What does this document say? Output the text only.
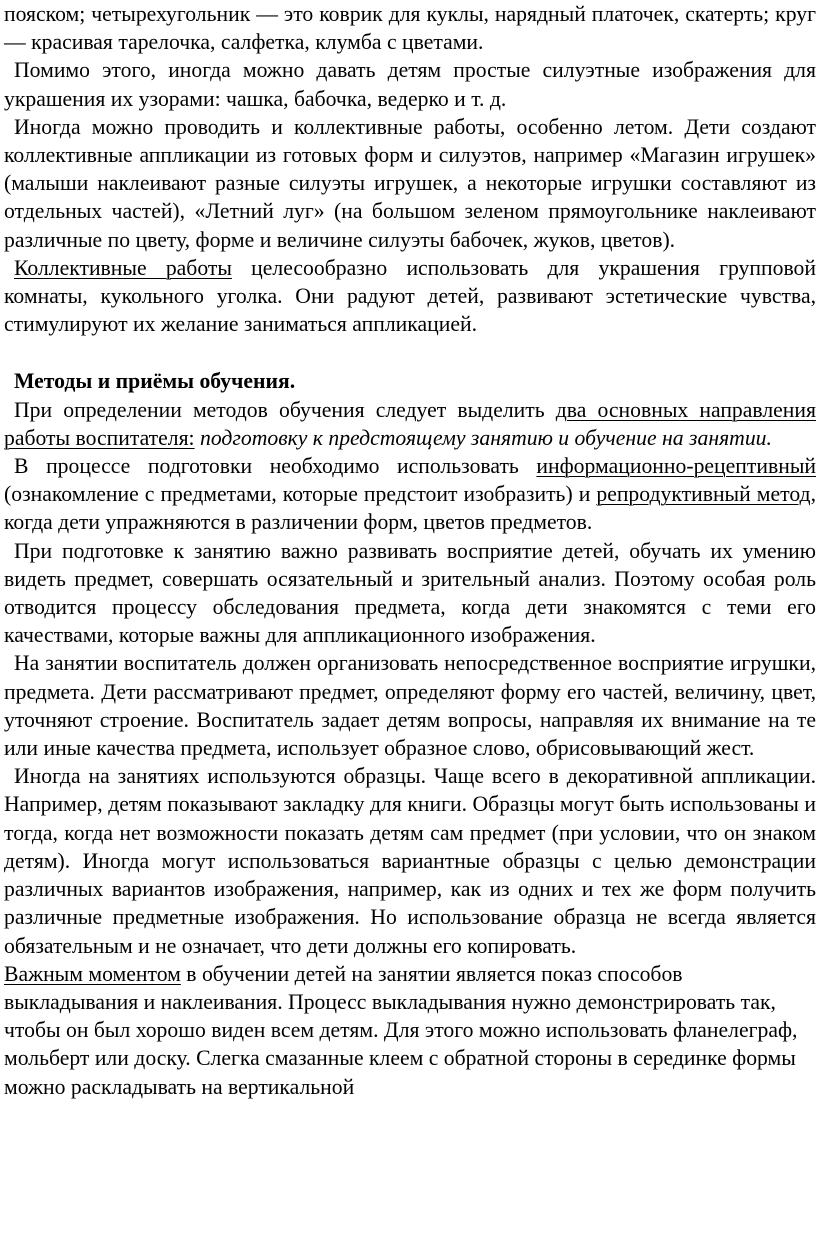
пояском; четырехугольник — это коврик для куклы, нарядный платочек, скатерть; круг — красивая тарелочка, салфетка, клумба с цветами.

Помимо этого, иногда можно давать детям простые силуэтные изображения для украшения их узорами: чашка, бабочка, ведерко и т. д.

Иногда можно проводить и коллективные работы, особенно летом. Дети создают коллективные аппликации из готовых форм и силуэтов, например «Магазин игрушек» (малыши наклеивают разные силуэты игрушек, а некоторые игрушки составляют из отдельных частей), «Летний луг» (на большом зеленом прямоугольнике наклеивают различные по цвету, форме и величине силуэты бабочек, жуков, цветов).

Коллективные работы целесообразно использовать для украшения групповой комнаты, кукольного уголка. Они радуют детей, развивают эстетические чувства, стимулируют их желание заниматься аппликацией.

Методы и приёмы обучения.

При определении методов обучения следует выделить два основных направления работы воспитателя: подготовку к предстоящему занятию и обучение на занятии.

В процессе подготовки необходимо использовать информационно-рецептивный (ознакомление с предметами, которые предстоит изобразить) и репродуктивный метод, когда дети упражняются в различении форм, цветов предметов.

При подготовке к занятию важно развивать восприятие детей, обучать их умению видеть предмет, совершать осязательный и зрительный анализ. Поэтому особая роль отводится процессу обследования предмета, когда дети знакомятся с теми его качествами, которые важны для аппликационного изображения.

На занятии воспитатель должен организовать непосредственное восприятие игрушки, предмета. Дети рассматривают предмет, определяют форму его частей, величину, цвет, уточняют строение. Воспитатель задает детям вопросы, направляя их внимание на те или иные качества предмета, использует образное слово, обрисовывающий жест.

Иногда на занятиях используются образцы. Чаще всего в декоративной аппликации. Например, детям показывают закладку для книги. Образцы могут быть использованы и тогда, когда нет возможности показать детям сам предмет (при условии, что он знаком детям). Иногда могут использоваться вариантные образцы с целью демонстрации различных вариантов изображения, например, как из одних и тех же форм получить различные предметные изображения. Но использование образца не всегда является обязательным и не означает, что дети должны его копировать.

Важным моментом в обучении детей на занятии является показ способов выкладывания и наклеивания. Процесс выкладывания нужно демонстрировать так, чтобы он был хорошо виден всем детям. Для этого можно использовать фланелеграф, мольберт или доску. Слегка смазанные клеем с обратной стороны в серединке формы можно раскладывать на вертикальной
